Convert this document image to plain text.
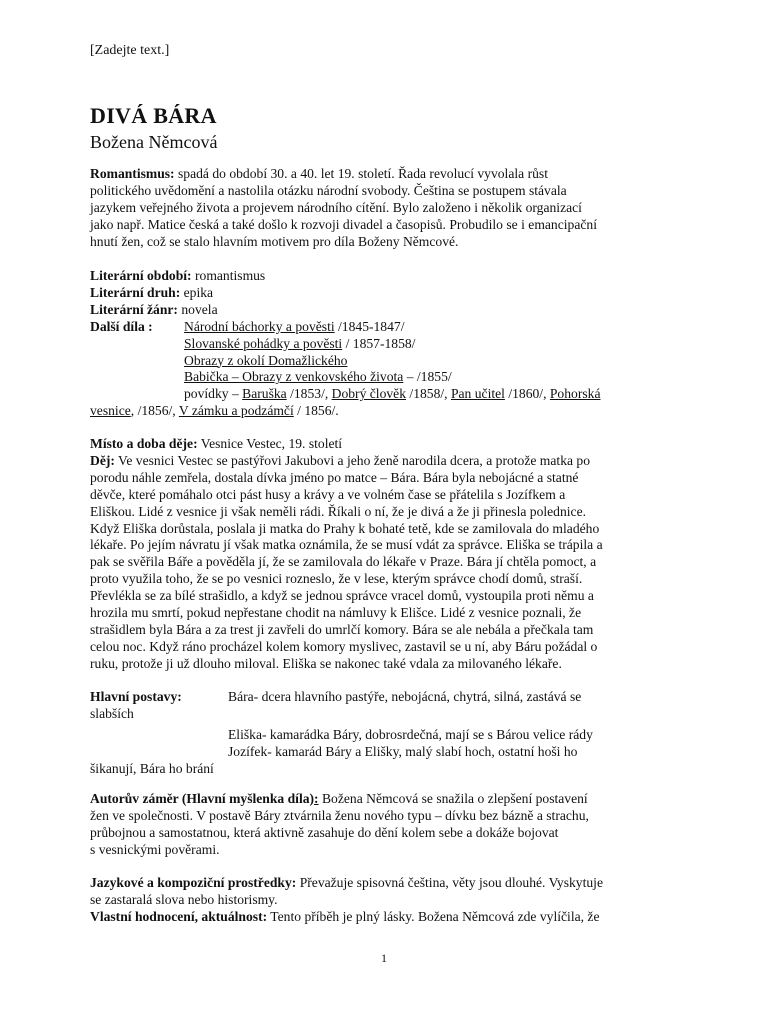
[Zadejte text.]
DIVÁ BÁRA
Božena Němcová

Romantismus: spadá do období 30. a 40. let 19. století. Řada revolucí vyvolala růst

politického uvědomění a nastolila otázku národní svobody. Čeština se postupem stávala

jazykem veřejného života a projevem národního cítění. Bylo založeno i několik organizací

jako např. Matice česká a také došlo k rozvoji divadel a časopisů. Probudilo se i emancipační

hnutí žen, což se stalo hlavním motivem pro díla Boženy Němcové.

Literární období: romantismus

Literární druh: epika

Literární žánr: novela

Další díla :	Národní báchorky a pověsti /1845-1847/

Slovanské pohádky a pověsti / 1857-1858/

Obrazy z okolí Domažlického

Babička – Obrazy z venkovského života – /1855/

povídky – Baruška /1853/, Dobrý člověk /1858/, Pan učitel /1860/, Pohorská

vesnice, /1856/, V zámku a podzámčí / 1856/.

Místo a doba děje: Vesnice Vestec, 19. století

Děj: Ve vesnici Vestec se pastýřovi Jakubovi a jeho ženě narodila dcera, a protože matka po

porodu náhle zemřela, dostala dívka jméno po matce – Bára. Bára byla nebojácné a statné

děvče, které pomáhalo otci pást husy a krávy a ve volném čase se přátelila s Jozífkem a

Eliškou. Lidé z vesnice ji však neměli rádi. Říkali o ní, že je divá a že ji přinesla polednice.

Když Eliška dorůstala, poslala ji matka do Prahy k bohaté tetě, kde se zamilovala do mladého

lékaře. Po jejím návratu jí však matka oznámila, že se musí vdát za správce. Eliška se trápila a

pak se svěřila Báře a pověděla jí, že se zamilovala do lékaře v Praze. Bára jí chtěla pomoct, a

proto využila toho, že se po vesnici rozneslo, že v lese, kterým správce chodí domů, straší.

Převlékla se za bílé strašidlo, a když se jednou správce vracel domů, vystoupila proti němu a

hrozila mu smrtí, pokud nepřestane chodit na námluvy k Elišce. Lidé z vesnice poznali, že

strašidlem byla Bára a za trest ji zavřeli do umrlčí komory. Bára se ale nebála a přečkala tam

celou noc. Když ráno procházel kolem komory myslivec, zastavil se u ní, aby Báru požádal o

ruku, protože ji už dlouho miloval. Eliška se nakonec také vdala za milovaného lékaře.

Hlavní postavy:	Bára- dcera hlavního pastýře, nebojácná, chytrá, silná, zastává se

slabších

Eliška- kamarádka Báry, dobrosrdečná, mají se s Bárou velice rády

Jozífek- kamarád Báry a Elišky, malý slabí hoch, ostatní hoši ho

šikanují, Bára ho brání

Autorův záměr (Hlavní myšlenka díla): Božena Němcová se snažila o zlepšení postavení

žen ve společnosti. V postavě Báry ztvárnila ženu nového typu – dívku bez bázně a strachu,

průbojnou a samostatnou, která aktivně zasahuje do dění kolem sebe a dokáže bojovat

s vesnickými pověrami.

Jazykové a kompoziční prostředky: Převažuje spisovná čeština, věty jsou dlouhé. Vyskytuje

se zastaralá slova nebo historismy.

Vlastní hodnocení, aktuálnost: Tento příběh je plný lásky. Božena Němcová zde vylíčila, že

1
